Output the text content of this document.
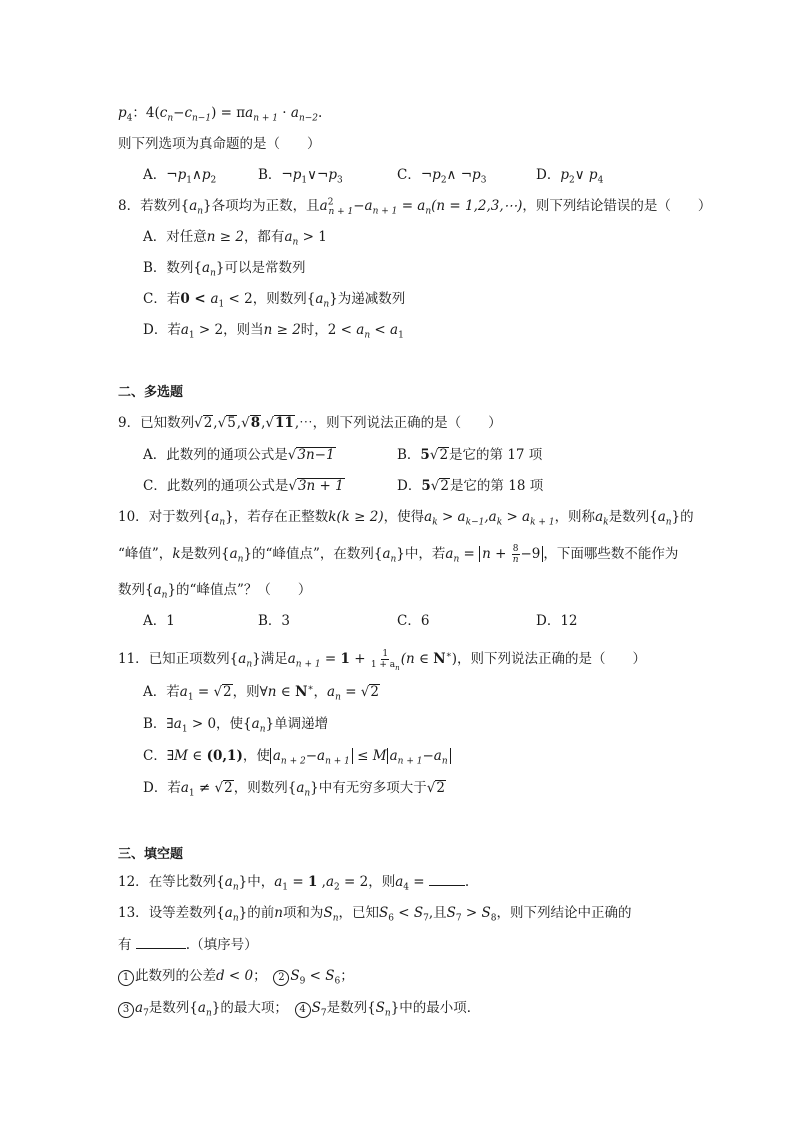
$p_4$：$4(c_n-c_{n-1}) = \pi a_{n + 1} \cdot a_{n-2}$.
则下列选项为真命题的是（　　）
A．$\neg p_1\wedge p_2$	B．$\neg p_1\vee\neg p_3$	C．$\neg p_2\wedge$ $\neg p_3$	D．$p_2\vee$ $p_4$
8．若数列$\{a_n\}$各项均为正数，且$a^2_{n + 1}-a_{n + 1} = a_n(n$ = 1,2,3,⋯)，则下列结论错误的是（　　）
A．对任意n ≥ 2，都有$a_n > 1$
B．数列$\{a_n\}$可以是常数列
C．若$0 < a_1 < 2$，则数列$\{a_n\}$为递减数列
D．若$a_1 > 2$，则当n ≥ 2时，$2 < a_n < a_1$
二、多选题
9．已知数列√2,√5,√8,√11,⋯，则下列说法正确的是（　　）
A．此数列的通项公式是√3n−1	B．5√2是它的第 17 项
C．此数列的通项公式是√3n + 1	D．5√2是它的第 18 项
10．对于数列$\{a_n\}$，若存在正整数k(k ≥ 2)，使得$a_k > a_{k-1},a_k > a_{k + 1}$，则称$a_k$是数列$\{a_n\}$的
“峰值”，k是数列$\{a_n\}$的“峰值点”，在数列$\{a_n\}$中，若$a_n = n + \frac{8}{n} -9$ ，下面哪些数不能作为
数列$\{a_n\}$的“峰值点”？（　　）
A．1	B．3	C．6	D．12
11．已知正项数列$\{a_n\}$满足$a_{n + 1} = 1 + \frac{1}{1 + a_n} (n$ ∈ N∗)，则下列说法正确的是（　　）
A．若$a_1 = √2$，则∀n ∈ N∗，$a_n = √2$
B．$\exists a_1 > 0$，使$\{a_n\}$单调递增
C．∃M ∈ (0,1)，使 $a_{n + 2}-a_{n + 1} \le M$ $a_{n + 1}-a_n$
D．若$a_1 \ne √2$，则数列$\{a_n\}$中有无穷多项大于√2
三、填空题
12．在等比数列$\{a_n\}$中，$a_1 = 1$ $,a_2 = 2$，则$a_4$ =	.
13．设等差数列$\{a_n\}$的前n项和为$S_n$，已知$S_6 < S_7$,且$S_7 > S_8$，则下列结论中正确的
有	.（填序号）
1 此数列的公差d < 0；　 2 $S_9 < S_6$；
3 $a_7$是数列$\{a_n\}$的最大项；　 4 $S_7$是数列$\{S_n\}$中的最小项．
